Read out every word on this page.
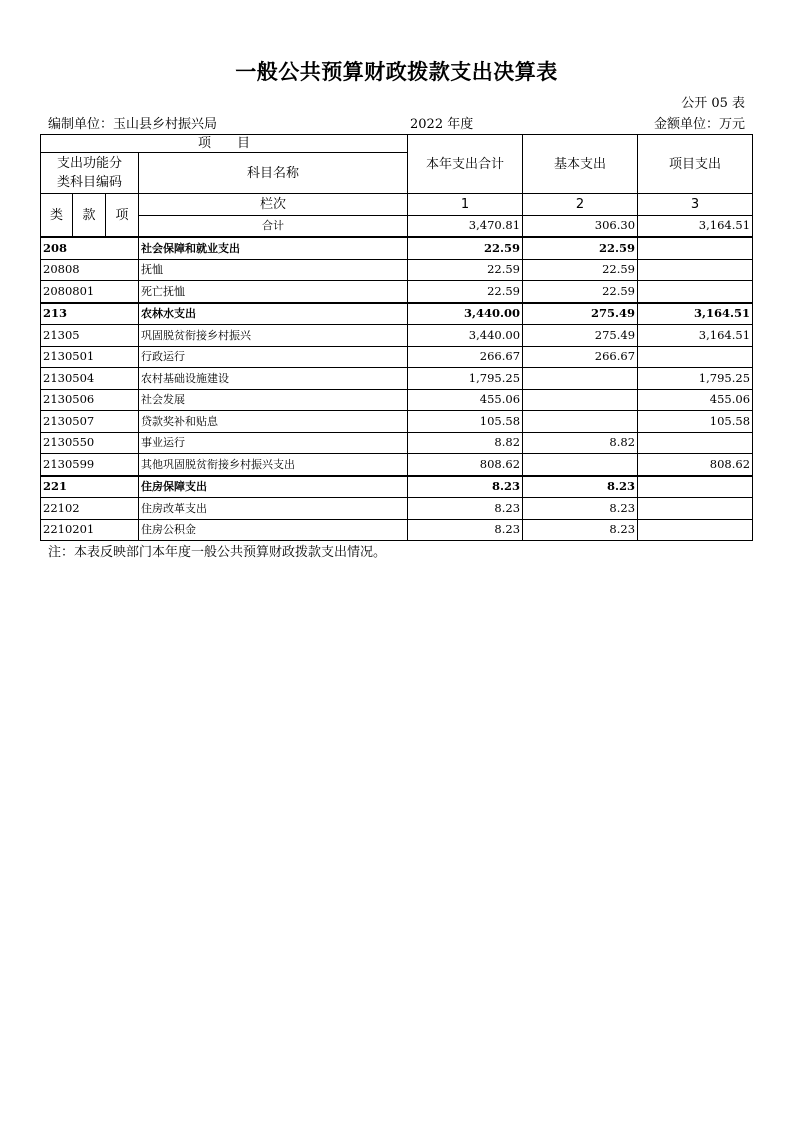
一般公共预算财政拨款支出决算表
公开 05 表
编制单位：玉山县乡村振兴局	2022 年度	金额单位：万元
项　　目				本年支出合计	基本支出	项目支出

支出功能分
类科目编码			科目名称			
类	款	项	栏次	1	2	3
			合计	3,470.81	306.30	3,164.51
208			社会保障和就业支出	22.59	22.59	
20808			抚恤	22.59	22.59	
2080801			死亡抚恤	22.59	22.59	
213			农林水支出	3,440.00	275.49	3,164.51
21305			巩固脱贫衔接乡村振兴	3,440.00	275.49	3,164.51
2130501			行政运行	266.67	266.67	
2130504			农村基础设施建设	1,795.25		1,795.25
2130506			社会发展	455.06		455.06
2130507			贷款奖补和贴息	105.58		105.58
2130550			事业运行	8.82	8.82	
2130599			其他巩固脱贫衔接乡村振兴支出	808.62		808.62
221			住房保障支出	8.23	8.23	
22102			住房改革支出	8.23	8.23	
2210201			住房公积金	8.23	8.23	
注：本表反映部门本年度一般公共预算财政拨款支出情况。
